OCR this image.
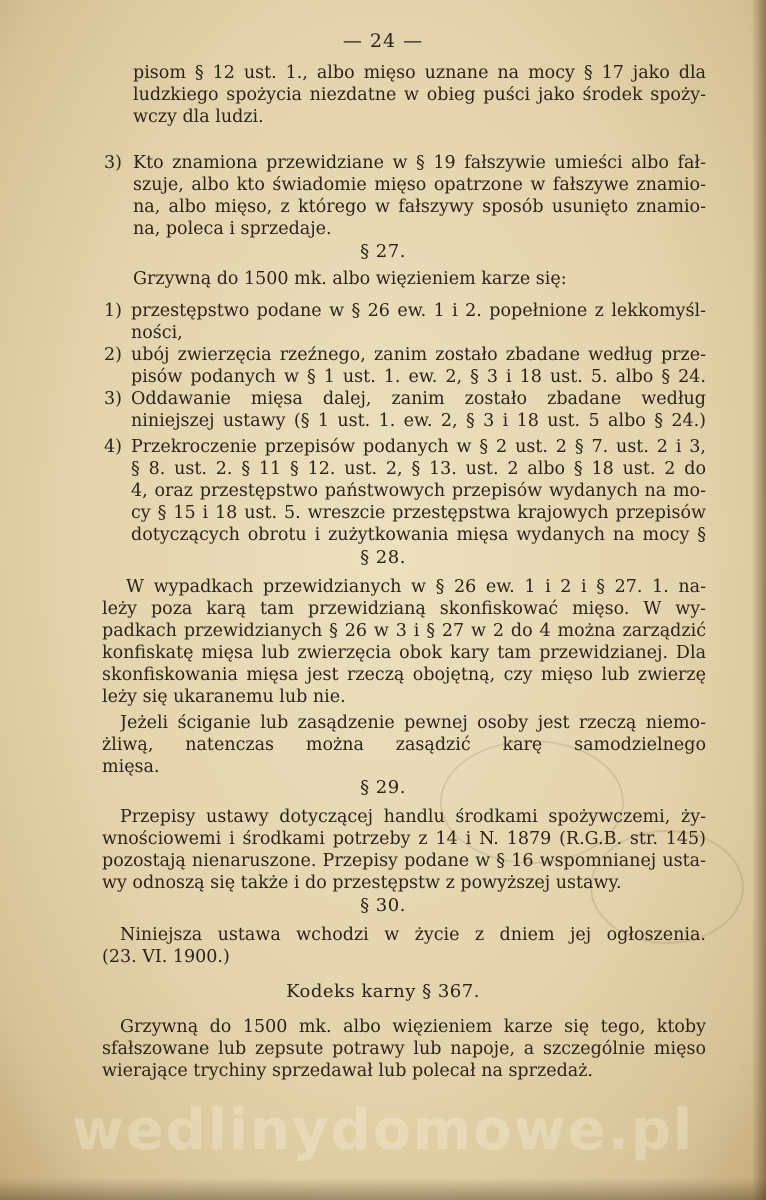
— 24 —
pisom § 12 ust. 1., albo mięso uznane na mocy § 17 jako dla
ludzkiego spożycia niezdatne w obieg puści jako środek spoży-
wczy dla ludzi.
3) Kto znamiona przewidziane w § 19 fałszywie umieści albo fał-
szuje, albo kto świadomie mięso opatrzone w fałszywe znamio-
na, albo mięso, z którego w fałszywy sposób usunięto znamio-
na, poleca i sprzedaje.
§ 27.
Grzywną do 1500 mk. albo więzieniem karze się:
1) przestępstwo podane w § 26 ew. 1 i 2. popełnione z lekkomyśl-
ności,
2) ubój zwierzęcia rzeźnego, zanim zostało zbadane według prze-
pisów podanych w § 1 ust. 1. ew. 2, § 3 i 18 ust. 5. albo § 24.
3) Oddawanie mięsa dalej, zanim zostało zbadane według
niniejszej ustawy (§ 1 ust. 1. ew. 2, § 3 i 18 ust. 5 albo § 24.)
4) Przekroczenie przepisów podanych w § 2 ust. 2 § 7. ust. 2 i 3,
§ 8. ust. 2. § 11 § 12. ust. 2, § 13. ust. 2 albo § 18 ust. 2 do
4, oraz przestępstwo państwowych przepisów wydanych na mo-
cy § 15 i 18 ust. 5. wreszcie przestępstwa krajowych przepisów
dotyczących obrotu i zużytkowania mięsa wydanych na mocy §
§ 28.
W wypadkach przewidzianych w § 26 ew. 1 i 2 i § 27. 1. na-
leży poza karą tam przewidzianą skonfiskować mięso. W wy-
padkach przewidzianych § 26 w 3 i § 27 w 2 do 4 można zarządzić
konfiskatę mięsa lub zwierzęcia obok kary tam przewidzianej. Dla
skonfiskowania mięsa jest rzeczą obojętną, czy mięso lub zwierzę
leży się ukaranemu lub nie.
Jeżeli ściganie lub zasądzenie pewnej osoby jest rzeczą niemo-
żliwą, natenczas można zasądzić karę samodzielnego
mięsa.
§ 29.
Przepisy ustawy dotyczącej handlu środkami spożywczemi, ży-
wnościowemi i środkami potrzeby z 14 i N. 1879 (R.G.B. str. 145)
pozostają nienaruszone. Przepisy podane w § 16 wspomnianej usta-
wy odnoszą się także i do przestępstw z powyższej ustawy.
§ 30.
Niniejsza ustawa wchodzi w życie z dniem jej ogłoszenia.
(23. VI. 1900.)
Kodeks karny § 367.
Grzywną do 1500 mk. albo więzieniem karze się tego, ktoby
sfałszowane lub zepsute potrawy lub napoje, a szczególnie mięso
wierające trychiny sprzedawał lub polecał na sprzedaż.
wedlinydomowe.pl
